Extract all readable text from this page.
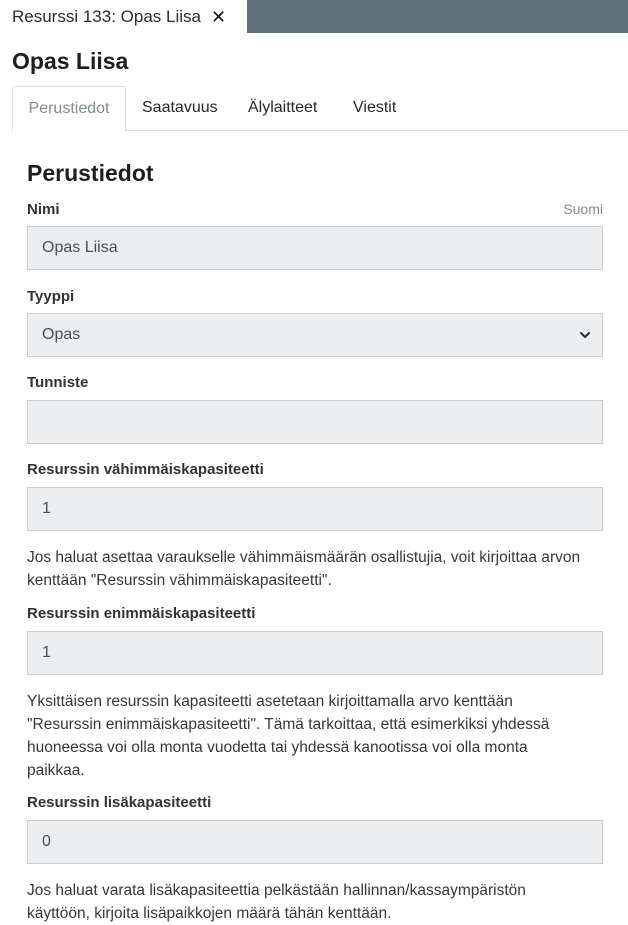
Resurssi 133: Opas Liisa ✕
Opas Liisa
Perustiedot	Saatavuus Älylaitteet Viestit
Perustiedot
Nimi	Suomi
Opas Liisa
Tyyppi
Opas
Tunniste
Resurssin vähimmäiskapasiteetti
1
Jos haluat asettaa varaukselle vähimmäismäärän osallistujia, voit kirjoittaa arvon kenttään "Resurssin vähimmäiskapasiteetti".
Resurssin enimmäiskapasiteetti
1
Yksittäisen resurssin kapasiteetti asetetaan kirjoittamalla arvo kenttään "Resurssin enimmäiskapasiteetti". Tämä tarkoittaa, että esimerkiksi yhdessä huoneessa voi olla monta vuodetta tai yhdessä kanootissa voi olla monta paikkaa.
Resurssin lisäkapasiteetti
0
Jos haluat varata lisäkapasiteettia pelkästään hallinnan/kassaympäristön käyttöön, kirjoita lisäpaikkojen määrä tähän kenttään.
